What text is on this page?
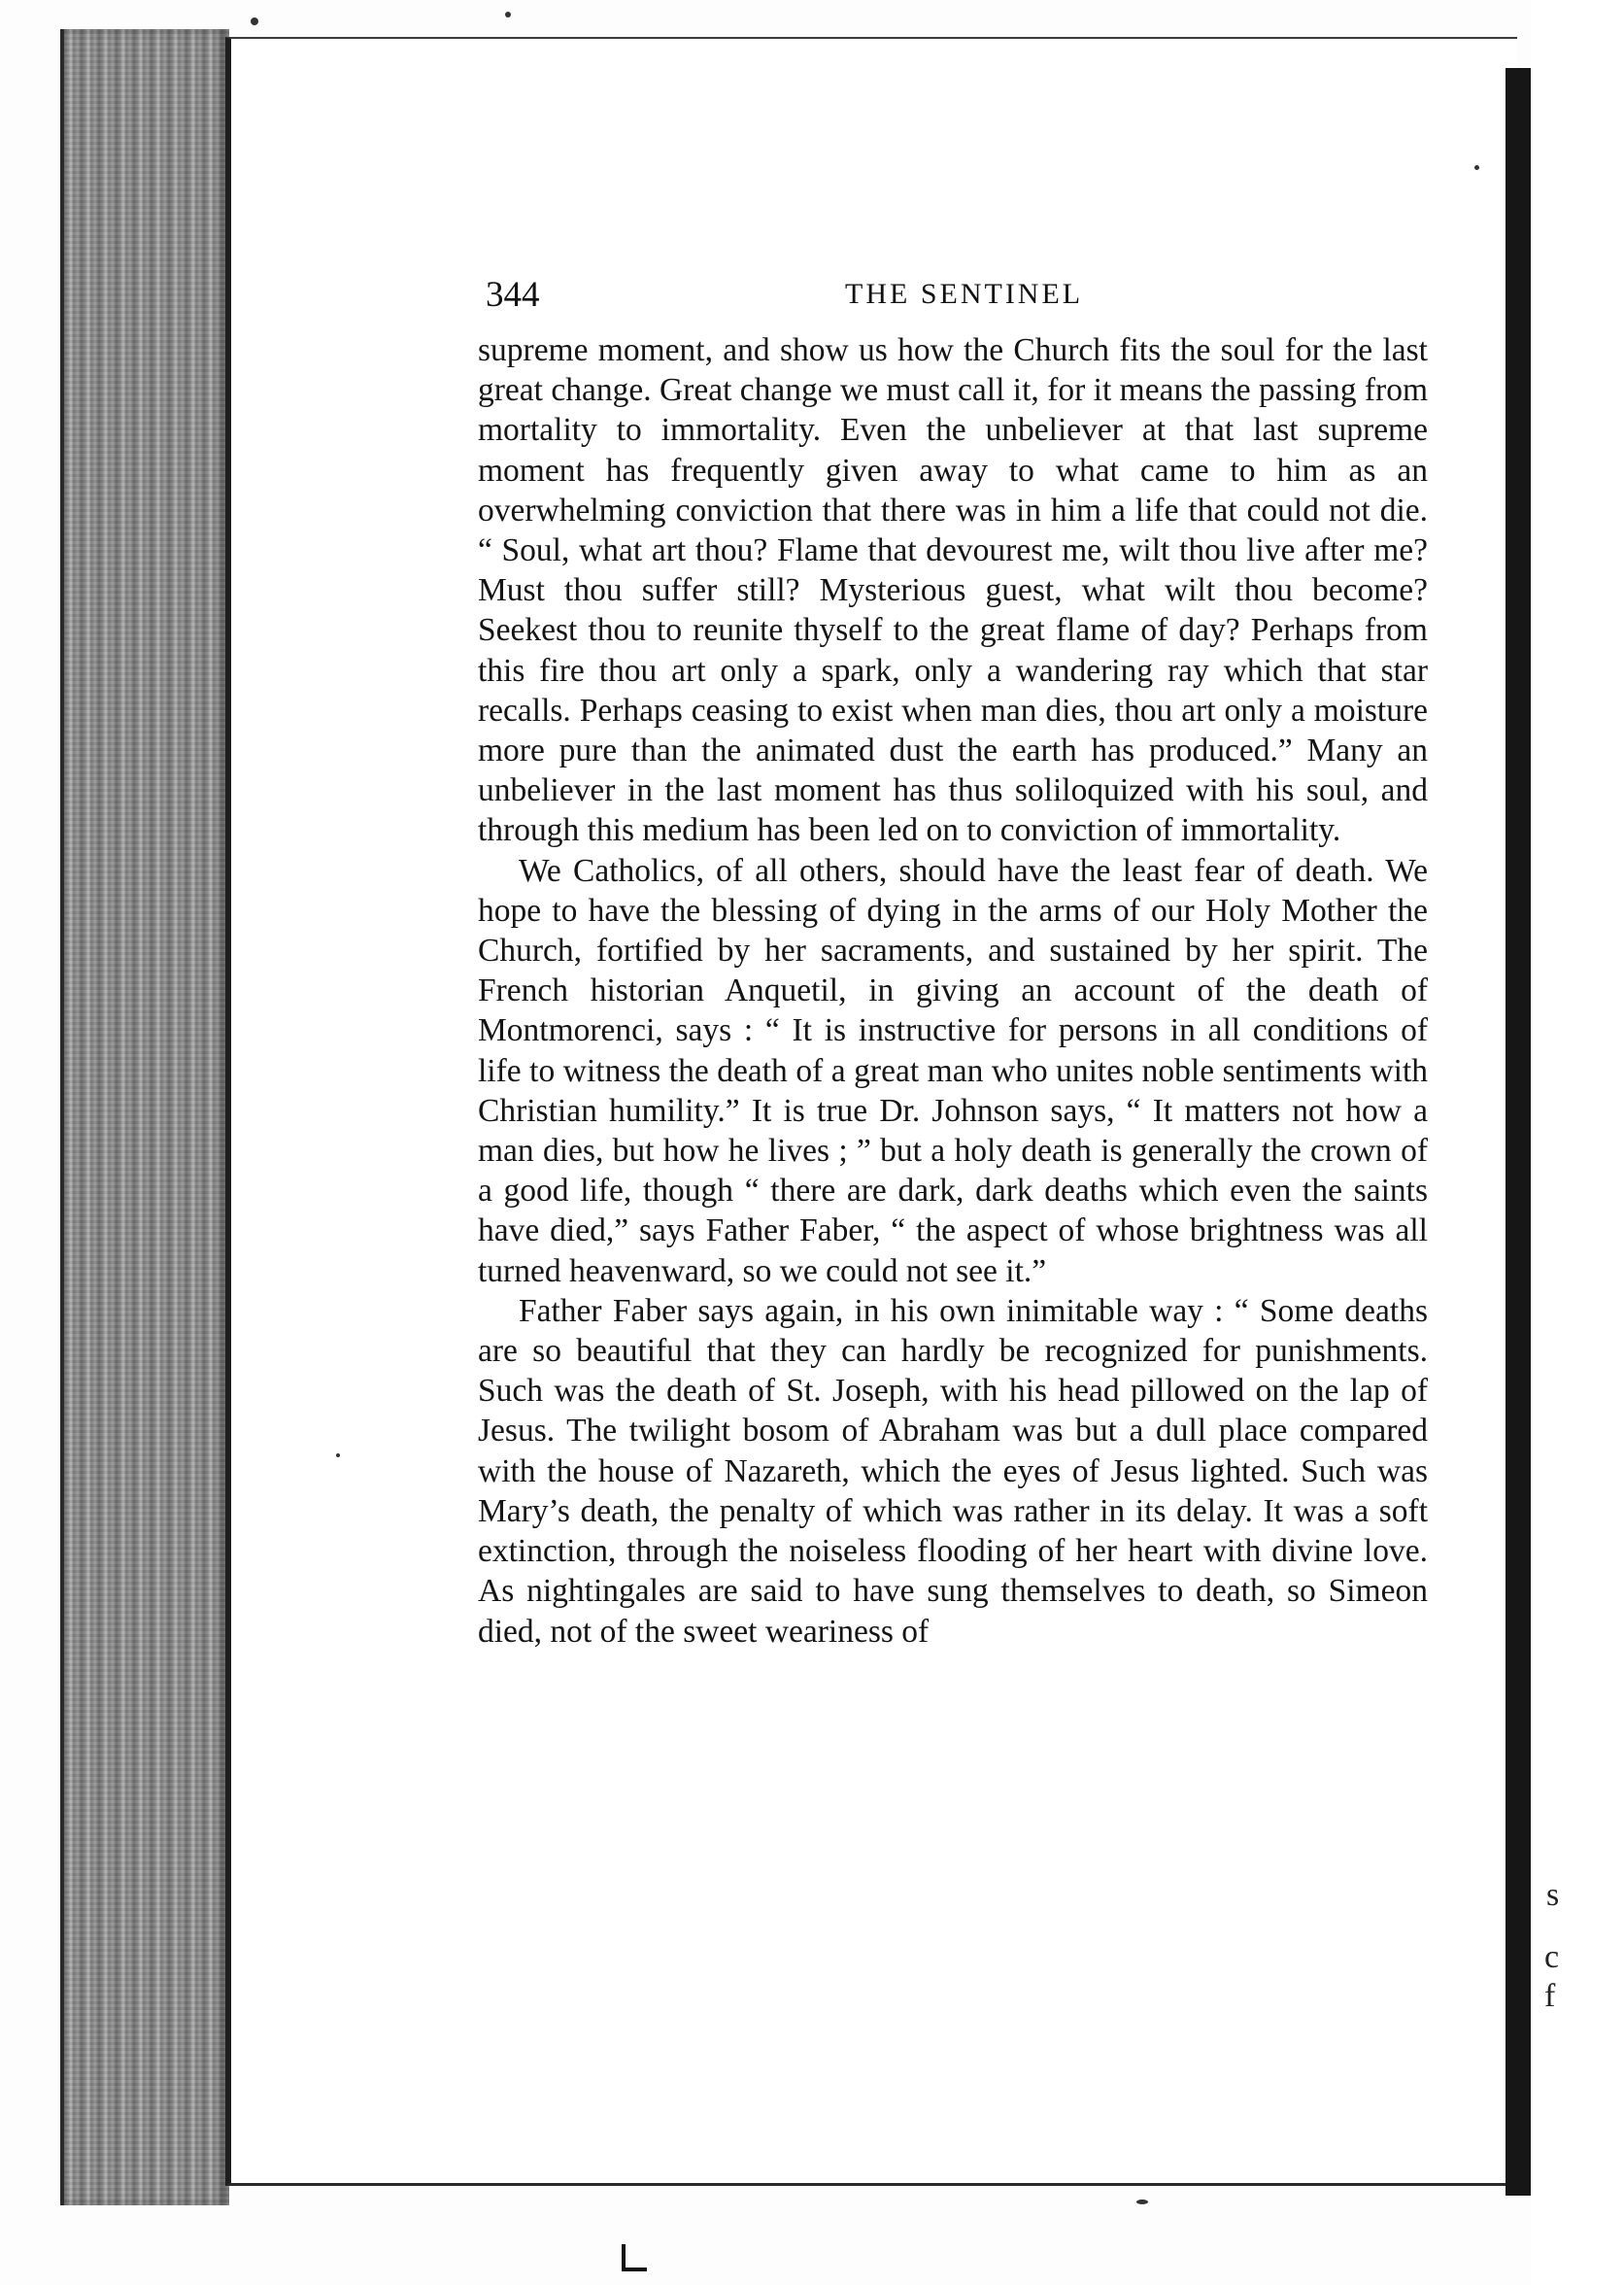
s
c
f
344	THE SENTINEL

supreme moment, and show us how the Church fits the soul for the last great change. Great change we must call it, for it means the passing from mortality to immortality. Even the unbeliever at that last supreme moment has frequently given away to what came to him as an overwhelming conviction that there was in him a life that could not die. “ Soul, what art thou? Flame that devourest me, wilt thou live after me? Must thou suffer still? Mysterious guest, what wilt thou become? Seekest thou to reunite thyself to the great flame of day? Perhaps from this fire thou art only a spark, only a wandering ray which that star recalls. Perhaps ceasing to exist when man dies, thou art only a moisture more pure than the animated dust the earth has produced.” Many an unbeliever in the last moment has thus soliloquized with his soul, and through this medium has been led on to conviction of immortality.

We Catholics, of all others, should have the least fear of death. We hope to have the blessing of dying in the arms of our Holy Mother the Church, fortified by her sacraments, and sustained by her spirit. The French historian Anquetil, in giving an account of the death of Montmorenci, says : “ It is instructive for persons in all conditions of life to witness the death of a great man who unites noble sentiments with Christian humility.” It is true Dr. Johnson says, “ It matters not how a man dies, but how he lives ; ” but a holy death is generally the crown of a good life, though “ there are dark, dark deaths which even the saints have died,” says Father Faber, “ the aspect of whose brightness was all turned heavenward, so we could not see it.”

Father Faber says again, in his own inimitable way : “ Some deaths are so beautiful that they can hardly be recognized for punishments. Such was the death of St. Joseph, with his head pillowed on the lap of Jesus. The twilight bosom of Abraham was but a dull place compared with the house of Nazareth, which the eyes of Jesus lighted. Such was Mary’s death, the penalty of which was rather in its delay. It was a soft extinction, through the noiseless flooding of her heart with divine love. As nightingales are said to have sung themselves to death, so Simeon died, not of the sweet weariness of
